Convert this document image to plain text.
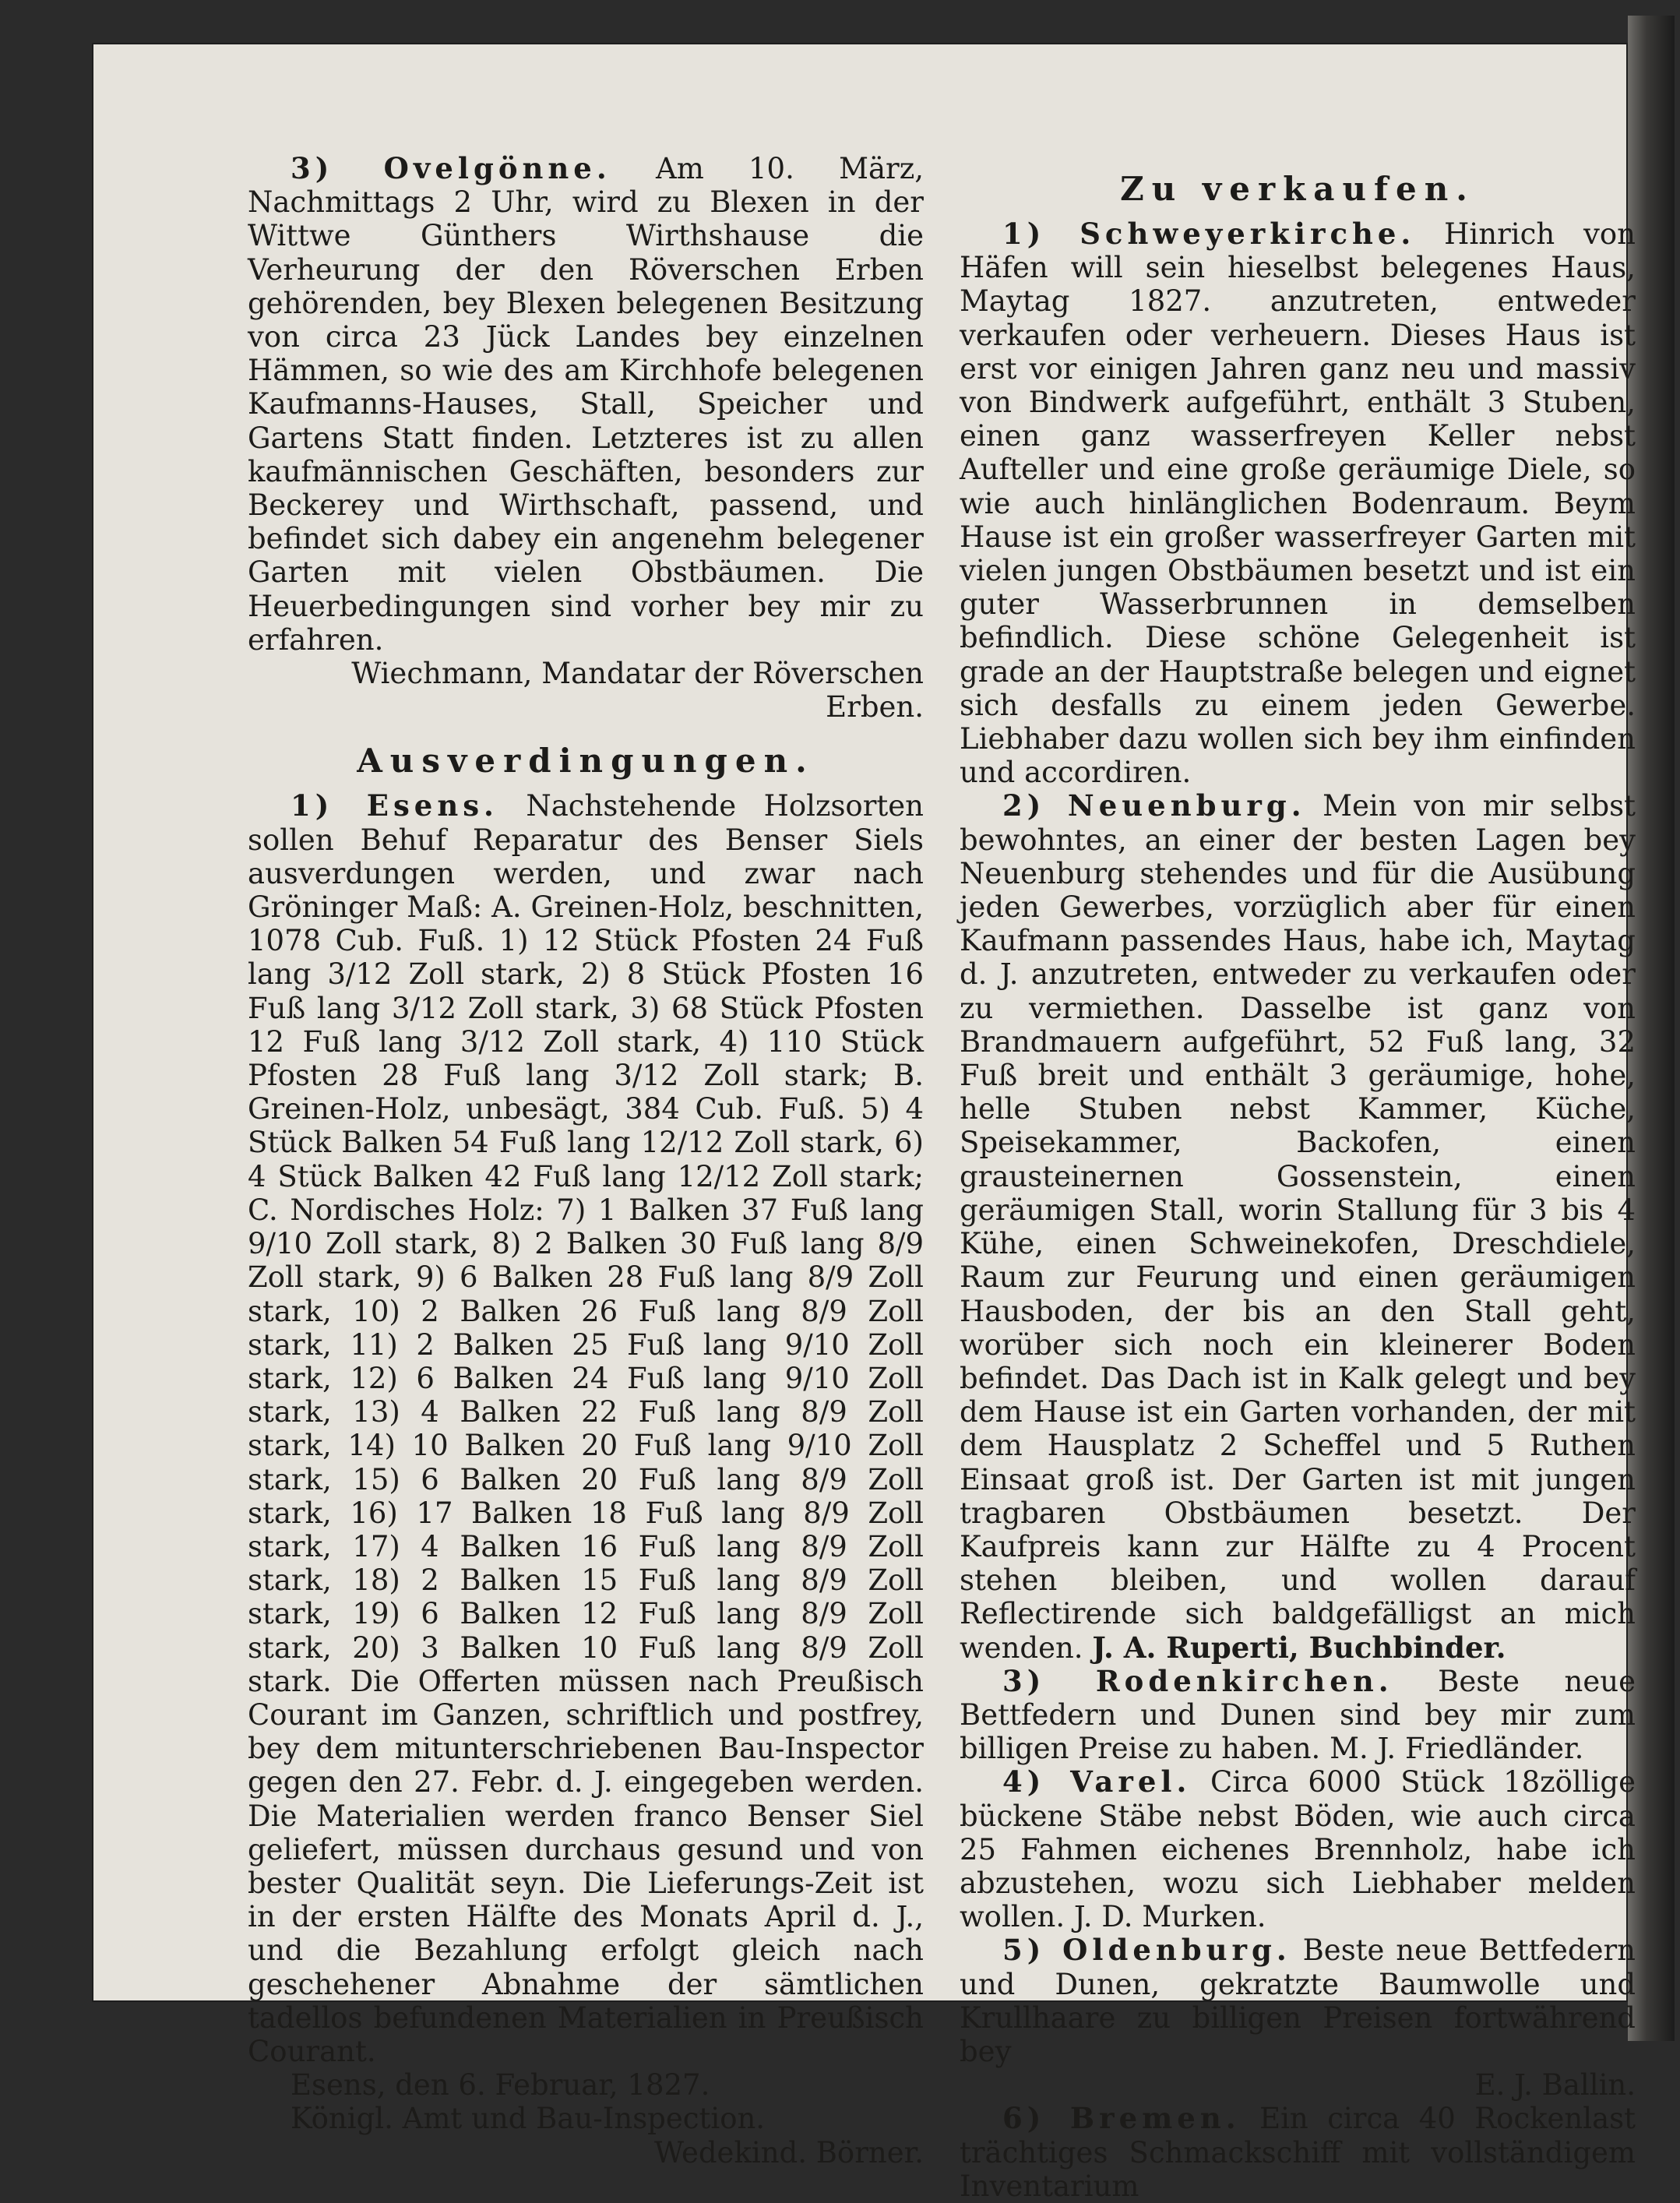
3) Ovelgönne. Am 10. März, Nachmittags 2 Uhr, wird zu Blexen in der Wittwe Günthers Wirthshause die Verheurung der den Röverschen Erben gehörenden, bey Blexen belegenen Besitzung von circa 23 Jück Landes bey einzelnen Hämmen, so wie des am Kirchhofe belegenen Kaufmanns-Hauses, Stall, Speicher und Gartens Statt finden. Letzteres ist zu allen kaufmännischen Geschäften, besonders zur Beckerey und Wirthschaft, passend, und befindet sich dabey ein angenehm belegener Garten mit vielen Obstbäumen. Die Heuerbedingungen sind vorher bey mir zu erfahren.

Wiechmann, Mandatar der Röverschen Erben.

Ausverdingungen.

1) Esens. Nachstehende Holzsorten sollen Behuf Reparatur des Benser Siels ausverdungen werden, und zwar nach Gröninger Maß: A. Greinen-Holz, beschnitten, 1078 Cub. Fuß. 1) 12 Stück Pfosten 24 Fuß lang 3/12 Zoll stark, 2) 8 Stück Pfosten 16 Fuß lang 3/12 Zoll stark, 3) 68 Stück Pfosten 12 Fuß lang 3/12 Zoll stark, 4) 110 Stück Pfosten 28 Fuß lang 3/12 Zoll stark; B. Greinen-Holz, unbesägt, 384 Cub. Fuß. 5) 4 Stück Balken 54 Fuß lang 12/12 Zoll stark, 6) 4 Stück Balken 42 Fuß lang 12/12 Zoll stark; C. Nordisches Holz: 7) 1 Balken 37 Fuß lang 9/10 Zoll stark, 8) 2 Balken 30 Fuß lang 8/9 Zoll stark, 9) 6 Balken 28 Fuß lang 8/9 Zoll stark, 10) 2 Balken 26 Fuß lang 8/9 Zoll stark, 11) 2 Balken 25 Fuß lang 9/10 Zoll stark, 12) 6 Balken 24 Fuß lang 9/10 Zoll stark, 13) 4 Balken 22 Fuß lang 8/9 Zoll stark, 14) 10 Balken 20 Fuß lang 9/10 Zoll stark, 15) 6 Balken 20 Fuß lang 8/9 Zoll stark, 16) 17 Balken 18 Fuß lang 8/9 Zoll stark, 17) 4 Balken 16 Fuß lang 8/9 Zoll stark, 18) 2 Balken 15 Fuß lang 8/9 Zoll stark, 19) 6 Balken 12 Fuß lang 8/9 Zoll stark, 20) 3 Balken 10 Fuß lang 8/9 Zoll stark. Die Offerten müssen nach Preußisch Courant im Ganzen, schriftlich und postfrey, bey dem mitunterschriebenen Bau-Inspector gegen den 27. Febr. d. J. eingegeben werden. Die Materialien werden franco Benser Siel geliefert, müssen durchaus gesund und von bester Qualität seyn. Die Lieferungs-Zeit ist in der ersten Hälfte des Monats April d. J., und die Bezahlung erfolgt gleich nach geschehener Abnahme der sämtlichen tadellos befundenen Materialien in Preußisch Courant.

Esens, den 6. Februar, 1827.

Königl. Amt und Bau-Inspection.

Wedekind. Börner.

Zu verkaufen.

1) Schweyerkirche. Hinrich von Häfen will sein hieselbst belegenes Haus, Maytag 1827. anzutreten, entweder verkaufen oder verheuern. Dieses Haus ist erst vor einigen Jahren ganz neu und massiv von Bindwerk aufgeführt, enthält 3 Stuben, einen ganz wasserfreyen Keller nebst Aufteller und eine große geräumige Diele, so wie auch hinlänglichen Bodenraum. Beym Hause ist ein großer wasserfreyer Garten mit vielen jungen Obstbäumen besetzt und ist ein guter Wasserbrunnen in demselben befindlich. Diese schöne Gelegenheit ist grade an der Hauptstraße belegen und eignet sich desfalls zu einem jeden Gewerbe. Liebhaber dazu wollen sich bey ihm einfinden und accordiren.

2) Neuenburg. Mein von mir selbst bewohntes, an einer der besten Lagen bey Neuenburg stehendes und für die Ausübung jeden Gewerbes, vorzüglich aber für einen Kaufmann passendes Haus, habe ich, Maytag d. J. anzutreten, entweder zu verkaufen oder zu vermiethen. Dasselbe ist ganz von Brandmauern aufgeführt, 52 Fuß lang, 32 Fuß breit und enthält 3 geräumige, hohe, helle Stuben nebst Kammer, Küche, Speisekammer, Backofen, einen grausteinernen Gossenstein, einen geräumigen Stall, worin Stallung für 3 bis 4 Kühe, einen Schweinekofen, Dreschdiele, Raum zur Feurung und einen geräumigen Hausboden, der bis an den Stall geht, worüber sich noch ein kleinerer Boden befindet. Das Dach ist in Kalk gelegt und bey dem Hause ist ein Garten vorhanden, der mit dem Hausplatz 2 Scheffel und 5 Ruthen Einsaat groß ist. Der Garten ist mit jungen tragbaren Obstbäumen besetzt. Der Kaufpreis kann zur Hälfte zu 4 Procent stehen bleiben, und wollen darauf Reflectirende sich baldgefälligst an mich wenden. J. A. Ruperti, Buchbinder.

3) Rodenkirchen. Beste neue Bettfedern und Dunen sind bey mir zum billigen Preise zu haben. M. J. Friedländer.

4) Varel. Circa 6000 Stück 18zöllige bückene Stäbe nebst Böden, wie auch circa 25 Fahmen eichenes Brennholz, habe ich abzustehen, wozu sich Liebhaber melden wollen. J. D. Murken.

5) Oldenburg. Beste neue Bettfedern und Dunen, gekratzte Baumwolle und Krullhaare zu billigen Preisen fortwährend bey

E. J. Ballin.

6) Bremen. Ein circa 40 Rockenlast trächtiges Schmackschiff mit vollständigem Inventarium
